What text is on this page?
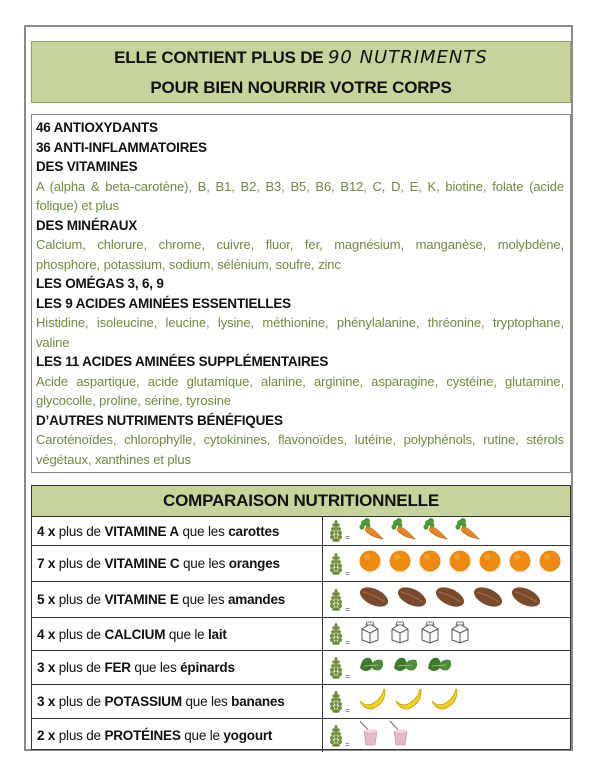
ELLE CONTIENT PLUS DE 90 NUTRIMENTS
POUR BIEN NOURRIR VOTRE CORPS
46 ANTIOXYDANTS
36 ANTI-INFLAMMATOIRES
DES VITAMINES
A (alpha & beta-carotène), B, B1, B2, B3, B5, B6, B12, C, D, E, K, biotine, folate (acide folique) et plus
DES MINÉRAUX
Calcium, chlorure, chrome, cuivre, fluor, fer, magnésium, manganèse, molybdène, phosphore, potassium, sodium, sélénium, soufre, zinc
LES OMÉGAS 3, 6, 9
LES 9 ACIDES AMINÉES ESSENTIELLES
Histidine, isoleucine, leucine, lysine, méthionine, phénylalanine, thréonine, tryptophane, valine
LES 11 ACIDES AMINÉES SUPPLÉMENTAIRES
Acide aspartique, acide glutamique, alanine, arginine, asparagine, cystéine, glutamine, glycocolle, proline, sérine, tyrosine
D’AUTRES NUTRIMENTS BÉNÉFIQUES
Caroténoïdes, chlorophylle, cytokinines, flavonoïdes, lutéine, polyphénols, rutine, stérols végétaux, xanthines et plus
COMPARAISON NUTRITIONNELLE
4 x
plus de
VITAMINE A
que les
carottes	=
7 x
plus de
VITAMINE C
que les
oranges
=
5 x
plus de
VITAMINE E
que les
amandes
=
4 x
plus de
CALCIUM
que le
lait
=
3 x
plus de
FER
que les
épinards
=
3 x
plus de
POTASSIUM
que les
bananes
=
2 x
plus de
PROTÉINES
que le
yogourt
=
